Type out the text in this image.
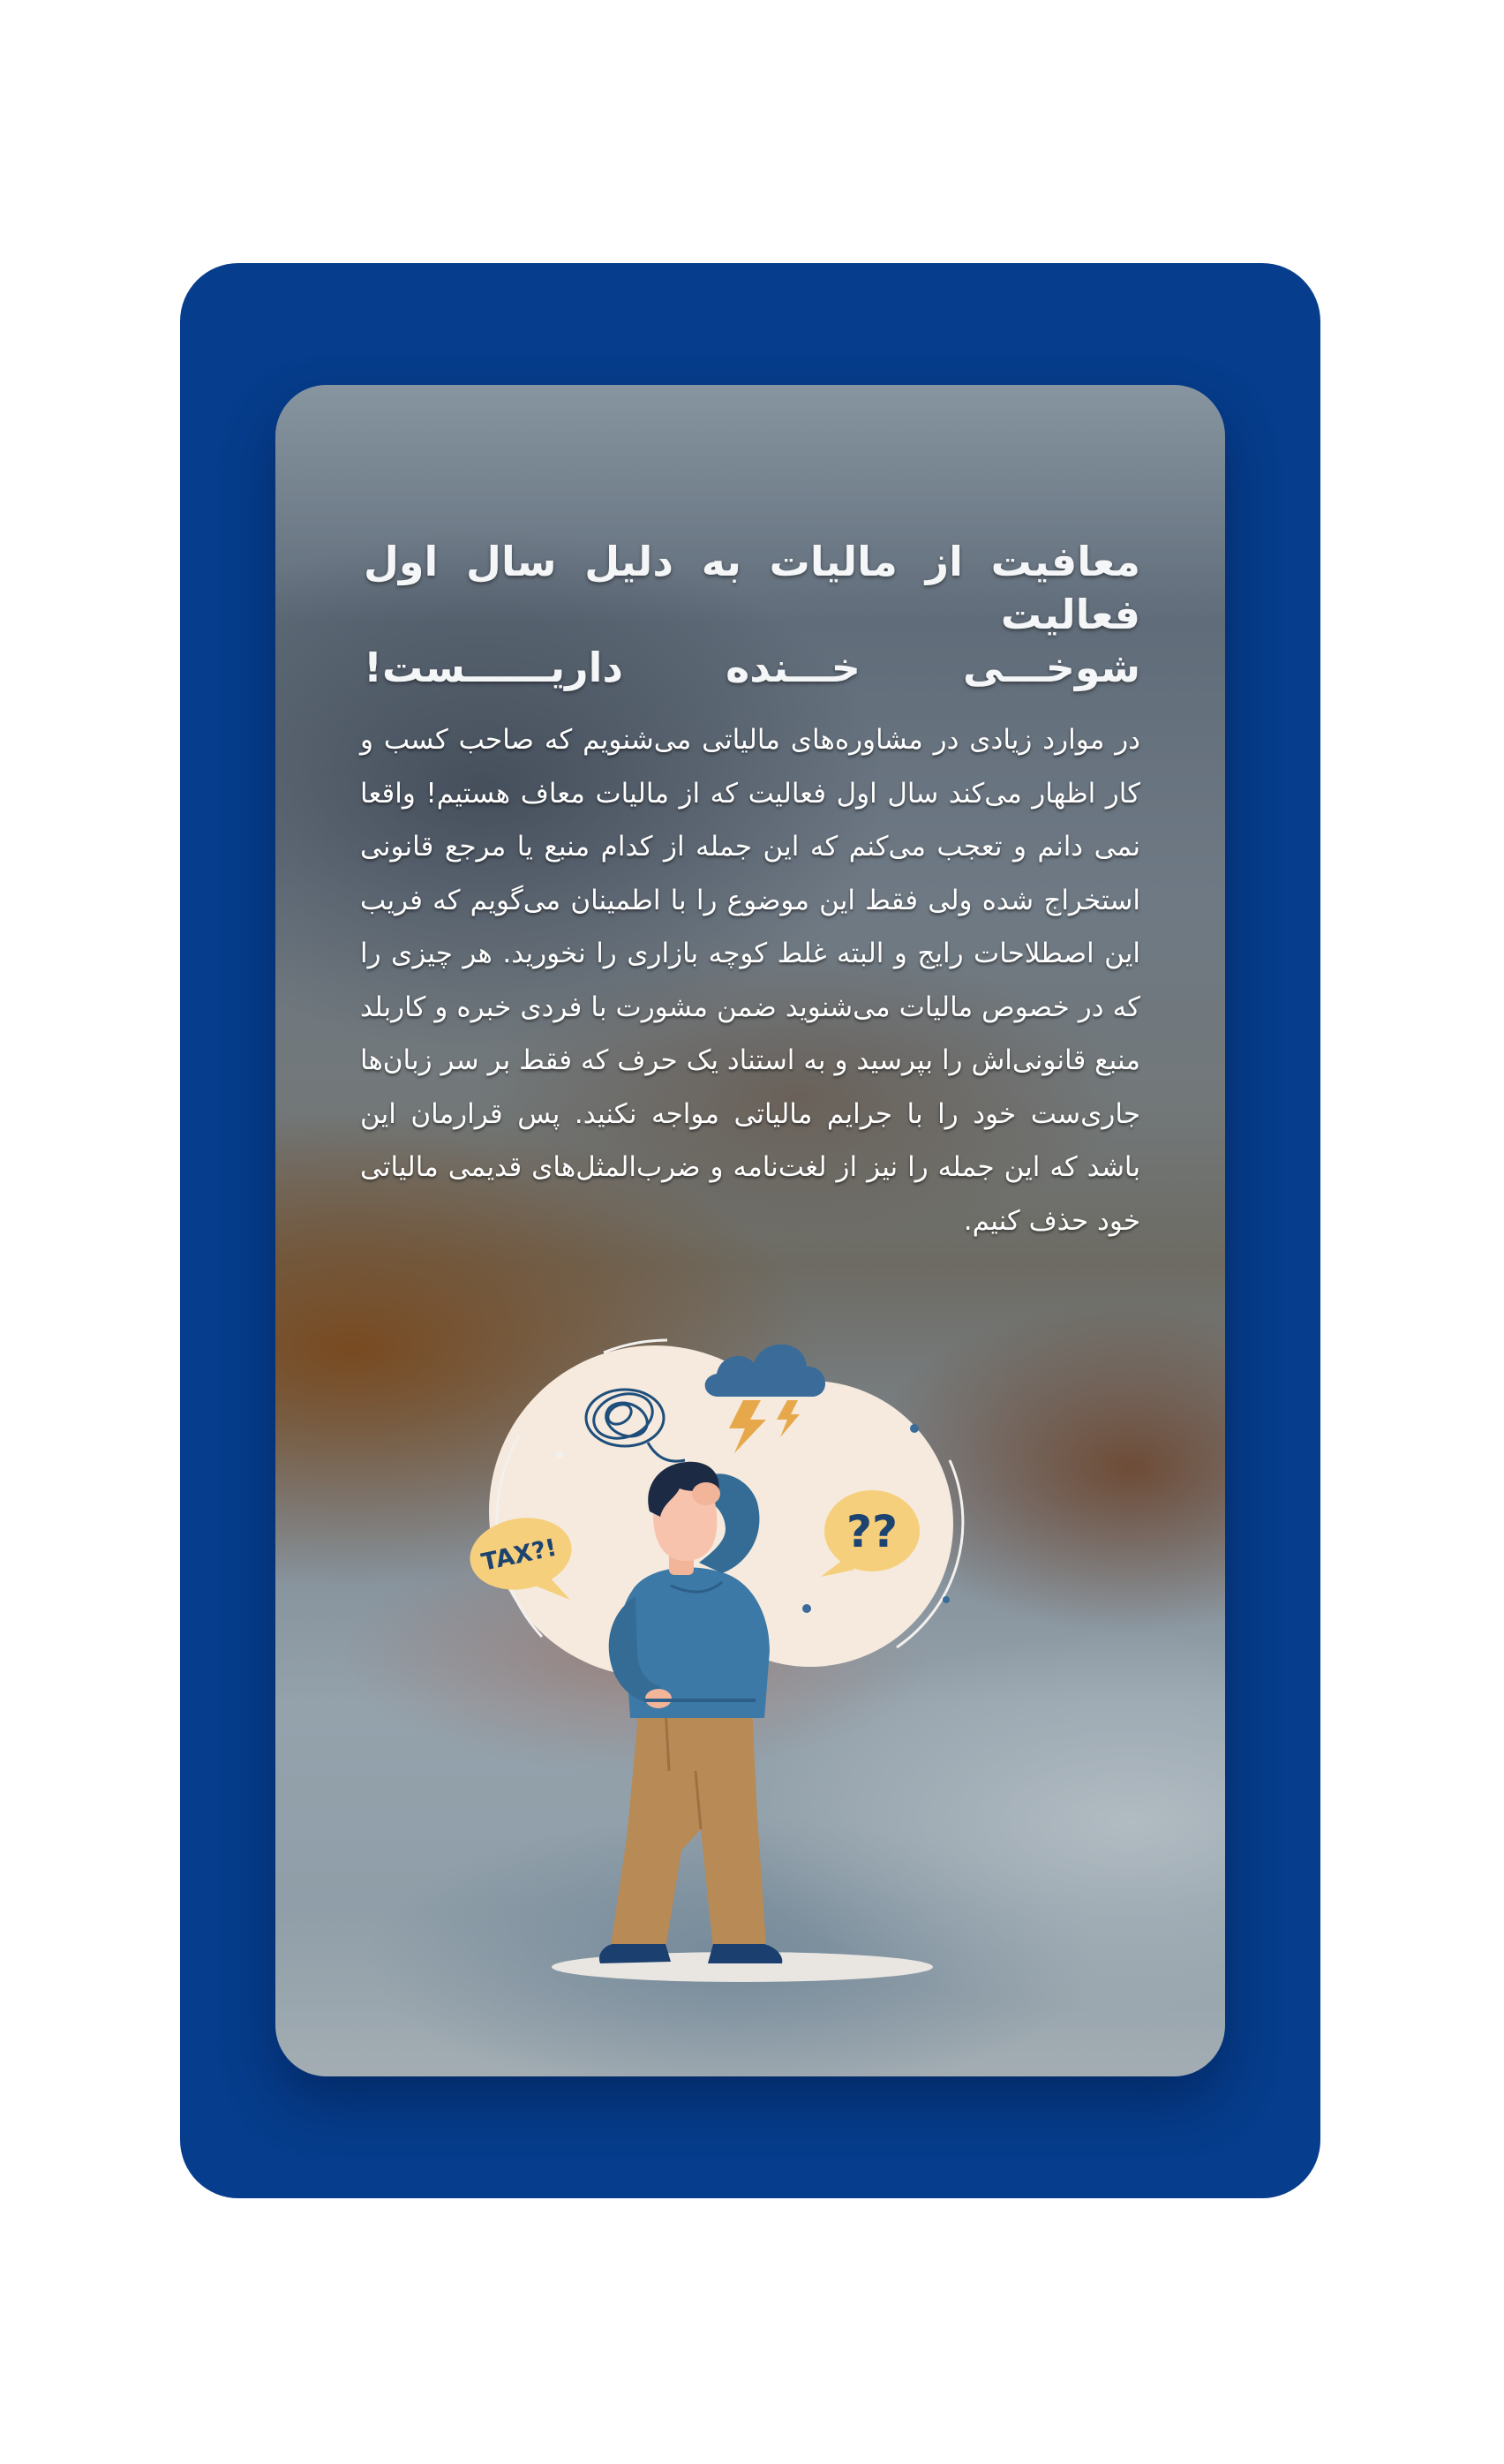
معافیت از مالیات به دلیل سال اول فعالیت
شوخـــی خـــنده داریــــــست!

در موارد زیادی در مشاوره‌های مالیاتی می‌شنویم که صاحب کسب و کار اظهار می‌کند سال اول فعالیت که از مالیات معاف هستیم! واقعا نمی دانم و تعجب می‌کنم که این جمله از کدام منبع یا مرجع قانونی استخراج شده ولی فقط این موضوع را با اطمینان می‌گویم که فریب این اصطلاحات رایج و البته غلط کوچه بازاری را نخورید. هر چیزی را که در خصوص مالیات می‌شنوید ضمن مشورت با فردی خبره و کاربلد منبع قانونی‌اش را بپرسید و به استناد یک حرف که فقط بر سر زبان‌ها جاری‌ست خود را با جرایم مالیاتی مواجه نکنید. پس قرارمان این باشد که این جمله را نیز از لغت‌نامه و ضرب‌المثل‌های قدیمی مالیاتی خود حذف کنیم.

TAX?!	??
